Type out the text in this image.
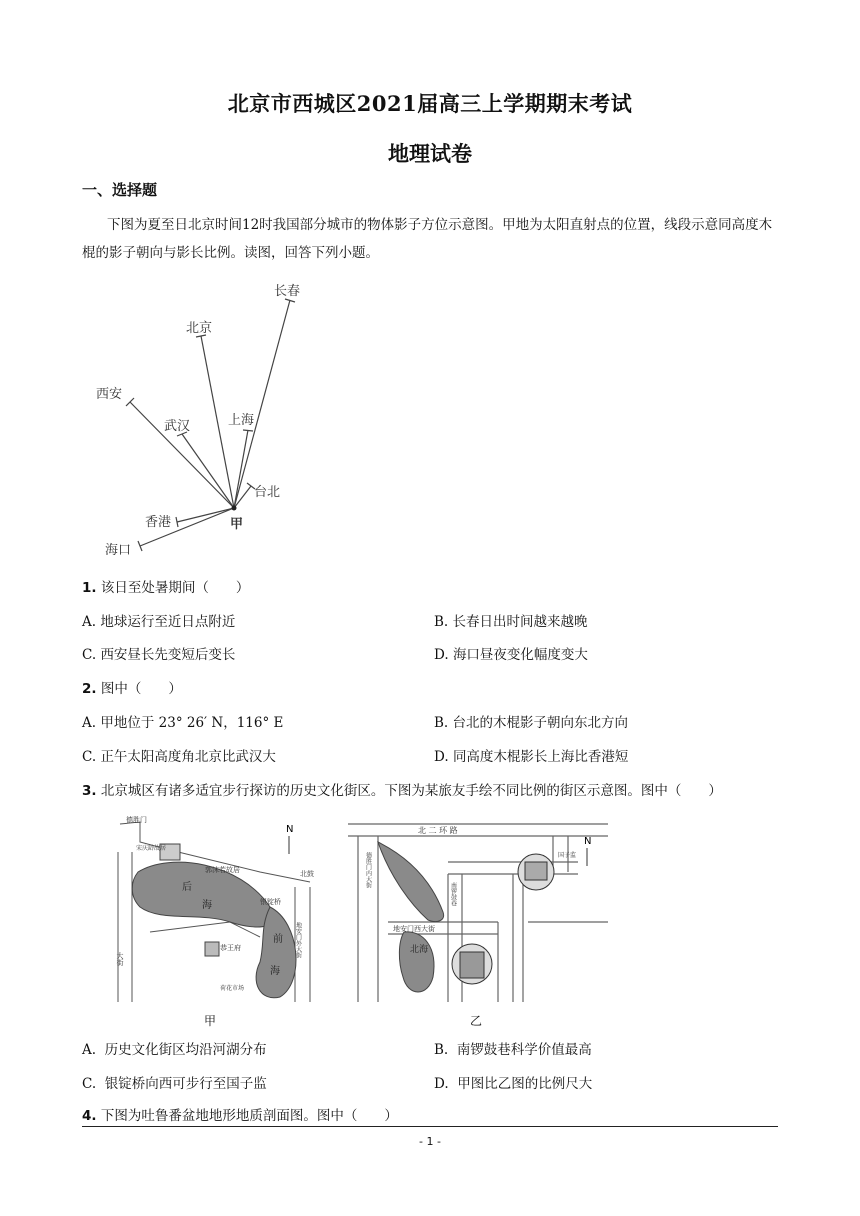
北京市西城区2021届高三上学期期末考试
地理试卷
一、选择题
下图为夏至日北京时间12时我国部分城市的物体影子方位示意图。甲地为太阳直射点的位置，线段示意同高度木棍的影子朝向与影长比例。读图，回答下列小题。
长春
北京
西安
武汉	上海
台北
香港
海口
甲
1. 该日至处暑期间（　　）
A. 地球运行至近日点附近	B. 长春日出时间越来越晚
C. 西安昼长先变短后变长	D. 海口昼夜变化幅度变大
2. 图中（　　）
A. 甲地位于 23° 26′ N，116° E	B. 台北的木棍影子朝向东北方向
C. 正午太阳高度角北京比武汉大	D. 同高度木棍影长上海比香港短
3. 北京城区有诸多适宜步行探访的历史文化街区。下图为某旅友手绘不同比例的街区示意图。图中（　　）
N
德胜门
后
海
前
海
银锭桥
北鼓
恭王府
郭沫若故居
地安门外大街
大街
宋庆龄故居
荷花市场
甲
北 二 环 路
N
德胜门内大街
地安门西大街
北海
南锣鼓巷
国子监
乙
A. 历史文化街区均沿河湖分布	B. 南锣鼓巷科学价值最高
C. 银锭桥向西可步行至国子监	D. 甲图比乙图的比例尺大
4. 下图为吐鲁番盆地地形地质剖面图。图中（　　）
- 1 -
